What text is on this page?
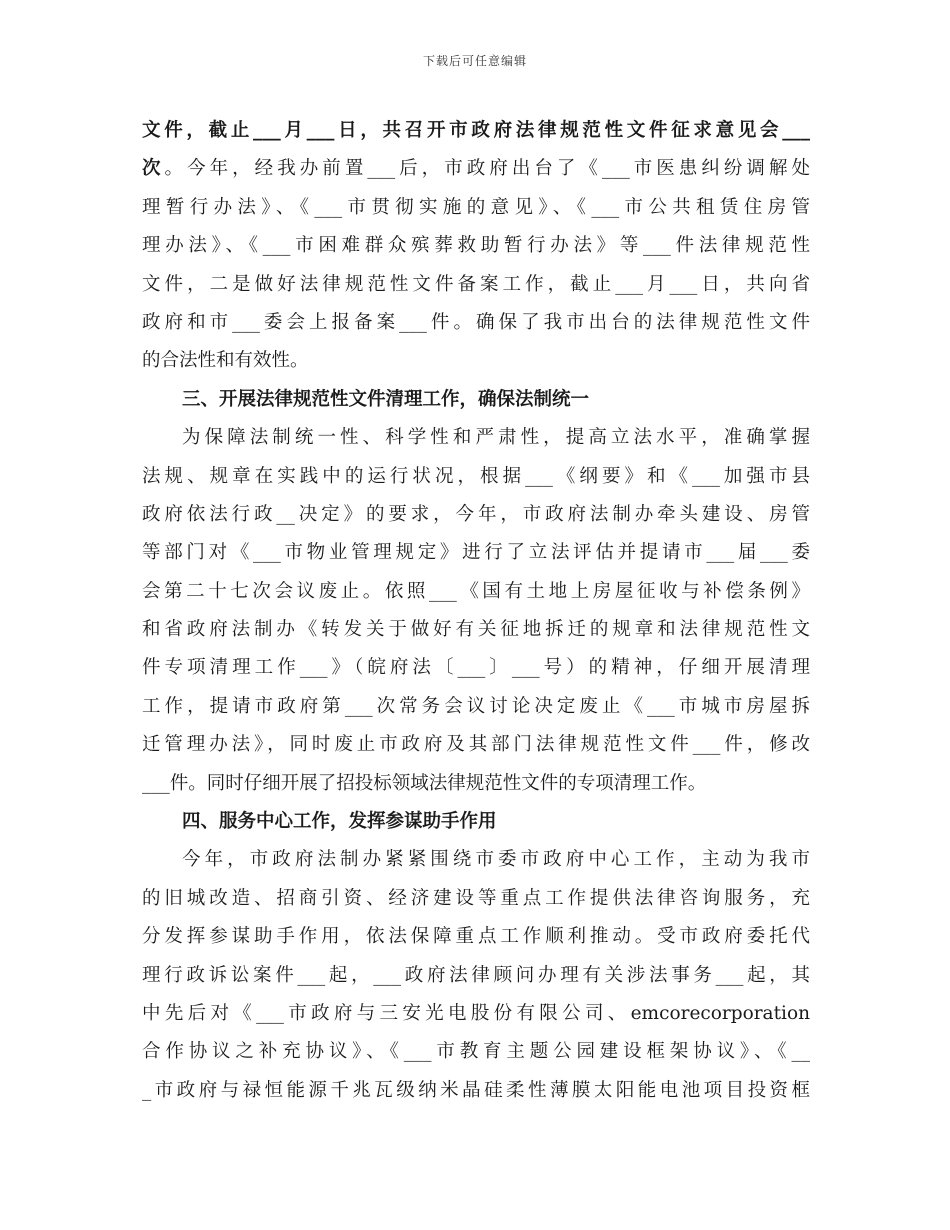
下载后可任意编辑
文件，截止___月___日，共召开市政府法律规范性文件征求意见会___
次。今年，经我办前置___后，市政府出台了《___市医患纠纷调解处
理暂行办法》、《___市贯彻实施的意见》、《___市公共租赁住房管
理办法》、《___市困难群众殡葬救助暂行办法》等___件法律规范性
文件，二是做好法律规范性文件备案工作，截止___月___日，共向省
政府和市___委会上报备案___件。确保了我市出台的法律规范性文件
的合法性和有效性。
三、开展法律规范性文件清理工作，确保法制统一
为保障法制统一性、科学性和严肃性，提高立法水平，准确掌握
法规、规章在实践中的运行状况，根据___《纲要》和《___加强市县
政府依法行政__决定》的要求，今年，市政府法制办牵头建设、房管
等部门对《___市物业管理规定》进行了立法评估并提请市___届___委
会第二十七次会议废止。依照___《国有土地上房屋征收与补偿条例》
和省政府法制办《转发关于做好有关征地拆迁的规章和法律规范性文
件专项清理工作___》（皖府法〔___〕___号）的精神，仔细开展清理
工作，提请市政府第___次常务会议讨论决定废止《___市城市房屋拆
迁管理办法》，同时废止市政府及其部门法律规范性文件___件，修改
___件。同时仔细开展了招投标领域法律规范性文件的专项清理工作。
四、服务中心工作，发挥参谋助手作用
今年，市政府法制办紧紧围绕市委市政府中心工作，主动为我市
的旧城改造、招商引资、经济建设等重点工作提供法律咨询服务，充
分发挥参谋助手作用，依法保障重点工作顺利推动。受市政府委托代
理行政诉讼案件___起，___政府法律顾问办理有关涉法事务___起，其
中先后对《___市政府与三安光电股份有限公司、emcorecorporation
合作协议之补充协议》、《___市教育主题公园建设框架协议》、《__
_市政府与禄恒能源千兆瓦级纳米晶硅柔性薄膜太阳能电池项目投资框
